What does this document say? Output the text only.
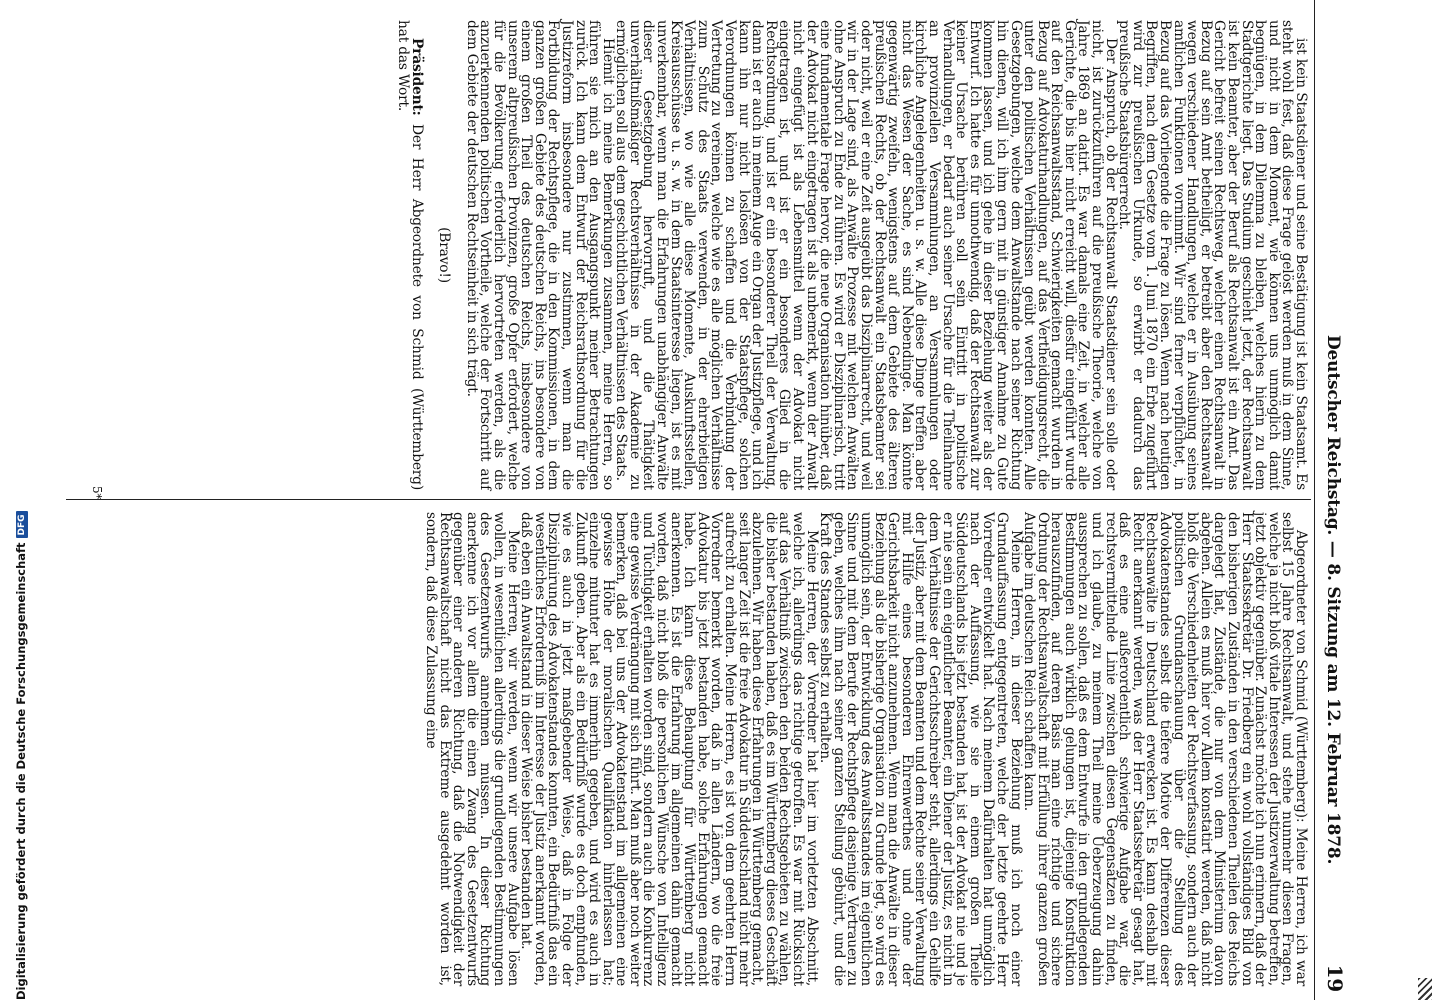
Deutscher Reichstag. — 8. Sitzung am 12. Februar 1878.
19

ist kein Staatsdiener und seine Bestätigung ist kein Staatsamt. Es steht wohl fest, daß diese Frage gelöst werden muß in dem Sinne, und nicht in dem Moment, wie können uns unmöglich damit begnügen, in dem Dilemma zu bleiben, welches hierin zu dem Stadtgerichte liegt. Das Studium geschieht jetzt, der Rechtsanwalt ist kein Beamter, aber der Beruf als Rechtsanwalt ist ein Amt. Das Gericht befreit seinen Rechtsweg, welcher einen Rechtsanwalt in Bezug auf sein Amt betheiligt, er betreibt aber den Rechtsanwalt wegen verschiedener Handlungen, welche er in Ausübung seines amtlichen Funktionen vornimmt. Wir sind ferner verpflichtet, in Bezug auf das Vorliegende die Frage zu lösen. Wenn nach heutigen Begriffen, nach dem Gesetze vom 1. Juni 1870 ein Erbe zugeführt wird zur preußischen Urkunde, so erwirbt er dadurch das preußische Staatsbürgerrecht.

Der Anspruch, ob der Rechtsanwalt Staatsdiener sein solle oder nicht, ist zurückzuführen auf die preußische Theorie, welche von Jahre 1869 an datirt. Es war damals eine Zeit, in welcher alle Gerichte, die bis hier nicht erreicht will, diesfür eingeführt wurde auf den Reichsanwaltsstand, Schwierigkeiten gemacht wurden in Bezug auf Advokaturhandlungen, auf das Vertheidigungsrecht, die unter den politischen Verhältnissen geübt werden konnten. Alle Gesetzgebungen, welche dem Anwaltstande nach seiner Richtung hin dienen, will ich ihm gern mit in günstiger Annahme zu Gute kommen lassen, und ich gehe in dieser Beziehung weiter als der Entwurf. Ich hatte es für unnothwendig, daß der Rechtsanwalt zur keiner Ursache berühren soll sein Eintritt in politische Verhandlungen, er bedarf auch seiner Ursache für die Theilnahme an provinziellen Versammlungen, an Versammlungen oder kirchliche Angelegenheiten u. s. w. Alle diese Dinge treffen aber nicht das Wesen der Sache, es sind Nebendinge. Man könnte gegenwärtig zweifeln, wenigstens auf dem Gebiete des älteren preußischen Rechts, ob der Rechtsanwalt ein Staatsbeamter sei oder nicht, weil er eine Zeit ausgeübt das Disziplinarrecht, und weil wir in der Lage sind, als Anwälte Prozesse mit welchen Anwälten ohne Anspruch zu Ende zu führen. Es wird er Disziplinarisch, tritt eine fundamentale Frage hervor, die neue Organisation hinüber, daß der Advokat nicht eingetragen ist als unbemerkt, wenn der Anwalt nicht eingefügt ist als Lebensmittel wenn der Advokat nicht eingetragen ist, und ist er ein besonderes Glied in die Rechtsordnung, und ist er ein besonderer Theil der Verwaltung, dann ist er auch in meinem Auge ein Organ der Justizpflege, und ich kann ihn nur nicht loslösen von der Staatspflege, solchen Verordnungen können zu schaffen und die Verbindung der Vertretung zu vereinen, welche wie es alle möglichen Verhältnisse zum Schutz des Staats verwenden, in der ehrerbietigen Verhältnissen, wo wie alle diese Momente, Auskunftsstellen, Kreisausschüsse u. s. w. in dem Staatsinteresse liegen, ist es mit unverkennbar, wenn man die Erfahrungen unabhängiger Anwälte dieser Gesetzgebung hervorruft, und die Thätigkeit unverhältnißmäßiger Rechtsverhältnisse in der Akademie zu ermöglichen soll aus dem geschichtlichen Verhältnissen des Staats.

Hiemit ich meine Bemerkungen zusammen, meine Herren, so führen sie mich an den Ausgangspunkt meiner Betrachtungen zurück. Ich kann dem Entwurf der Reichsrathsordnung für die Justizreform insbesondere nur zustimmen, wenn man die Fortbildung der Rechtspflege, die in den Kommissionen, in dem ganzen großen Gebiete des deutschen Reichs, ins besondere von einem großen Theil des deutschen Reichs, insbesondere von unserem altpreußischen Provinzen, große Opfer erfordert, welche für die Bevölkerung erforderlich hervortreten werden, als die anzuerkennenden politischen Vortheile, welche der Fortschritt auf dem Gebiete der deutschen Rechtseinheit in sich trägt.

(Bravo!)

Präsident: Der Herr Abgeordnete von Schmid (Württemberg) hat das Wort.

Abgeordneter von Schmid (Württemberg): Meine Herren, ich war selbst 15 Jahre Rechtsanwalt, und stehe nunmehr diesen Fragen, welche ja nicht bloß vitale Interessen der Justizverwaltung betreffen, jetzt objektiv gegenüber. Zunächst möchte ich nun erinnern, daß der Herr Staatssekretär Dr. Friedberg ein wohl vollständiges Bild von den bisherigen Zuständen in den verschiedenen Theilen des Reichs dargelegt hat, Zustände, die nur von dem Ministerium davon abgehen. Allein es muß hier vor Allem konstatirt werden, daß nicht bloß die Verschiedenheiten der Rechtsverfassung, sondern auch der politischen Grundanschauung über die Stellung des Advokatenstandes selbst die tiefere Motive der Differenzen dieser Rechtsanwälte in Deutschland erwecken ist. Es kann deshalb mit Recht anerkannt werden, was der Herr Staatssekretär gesagt hat, daß es eine außerordentlich schwierige Aufgabe war, die rechtsvermittelnde Linie zwischen diesen Gegensätzen zu finden, und ich glaube, zu meinem Theil meine Ueberzeugung dahin aussprechen zu sollen, daß es dem Entwurfe in den grundlegenden Bestimmungen auch wirklich gelungen ist, diejenige Konstruktion herauszufinden, auf deren Basis man eine richtige und sichere Ordnung der Rechtsanwaltschaft mit Erfüllung ihrer ganzen großen Aufgabe im deutschen Reich schaffen kann.

Meine Herren, in dieser Beziehung muß ich noch einer Grundauffassung entgegentreten, welche der letzte geehrte Herr Vorredner entwickelt hat. Nach meinem Dafürhalten hat unmöglich nach der Auffassung, wie sie in einem großen Theile Süddeutschlands bis jetzt bestanden hat, ist der Advokat nie und je er nie sein ein eigentlicher Beamter, ein Diener der Justiz, es nicht in dem Verhältnisse der Gerichtsschreiber steht, allerdings ein Gehilfe der Justiz, aber mit dem Beamten und dem Rechte seiner Verwaltung mit Hilfe eines besonderen Ehrenwerthes und ohne der Gerichtsbarkeit nicht anzunehmen. Wenn man die Anwälte in dieser Beziehung als die bisherige Organisation zu Grunde legt, so wird es unmöglich sein, der Entwicklung des Anwaltsstandes im eigentlichen Sinne und mit dem Berufe der Rechtspflege dasjenige Vertrauen zu geben, welches ihm nach seiner ganzen Stellung gebührt, und die Kraft des Standes selbst zu erhalten.

Meine Herren, der Vorredner hat hier im vorletzten Abschnitt, welche ich, allerdings das richtige getroffen. Es war mit Rücksicht auf das Verhältniß zwischen den beiden Rechtsgebieten zu wählen, die bisher bestanden haben, daß es im Württemberg dieses Geschäft abzulehnen. Wir haben diese Erfahrungen in Württemberg gemacht, seit langer Zeit ist die freie Advokatur in Süddeutschland nicht mehr aufrecht zu erhalten. Meine Herren, es ist von dem geehrten Herrn Vorredner bemerkt worden, daß in allen Ländern, wo die freie Advokatur bis jetzt bestanden habe, solche Erfahrungen gemacht habe. Ich kann diese Behauptung für Württemberg nicht anerkennen. Es ist die Erfahrung im allgemeinen dahin gemacht worden, daß nicht bloß die persönlichen Wünsche von Intelligenz und Tüchtigkeit erhalten worden sind, sondern auch die Konkurrenz eine gewisse Verdrängung mit sich führt. Man muß aber noch weiter bemerken, daß bei uns der Advokatenstand im allgemeinen eine gewisse Höhe der moralischen Qualifikation hinterlassen hat; einzelne mitunter hat es immerhin gegeben, und wird es auch in Zukunft geben. Aber als ein Bedürfniß wurde es doch empfunden, wie es auch in jetzt maßgebender Weise, daß in Folge der Disziplinirung des Advokatenstandes konnten, ein Bedürfniß das ein wesentliches Erforderniß im Interesse der Justiz anerkannt worden, daß eben ein Anwaltstand in dieser Weise bisher bestanden hat.

Meine Herren, wir werden, wenn wir unsere Aufgabe lösen wollen, in wesentlichen allerdings die grundlegenden Bestimmungen des Gesetzentwurfs annehmen müssen. In dieser Richtung anerkenne ich vor allem die einen Zwang des Gesetzentwurfs gegenüber einer anderen Richtung, daß die Notwendigkeit der Rechtsanwaltschaft nicht das Extreme ausgedehnt worden ist, sondern, daß diese Zulassung eine

5*
Digitalisierung gefördert durch die Deutsche ForschungsgemeinschaftDFG
